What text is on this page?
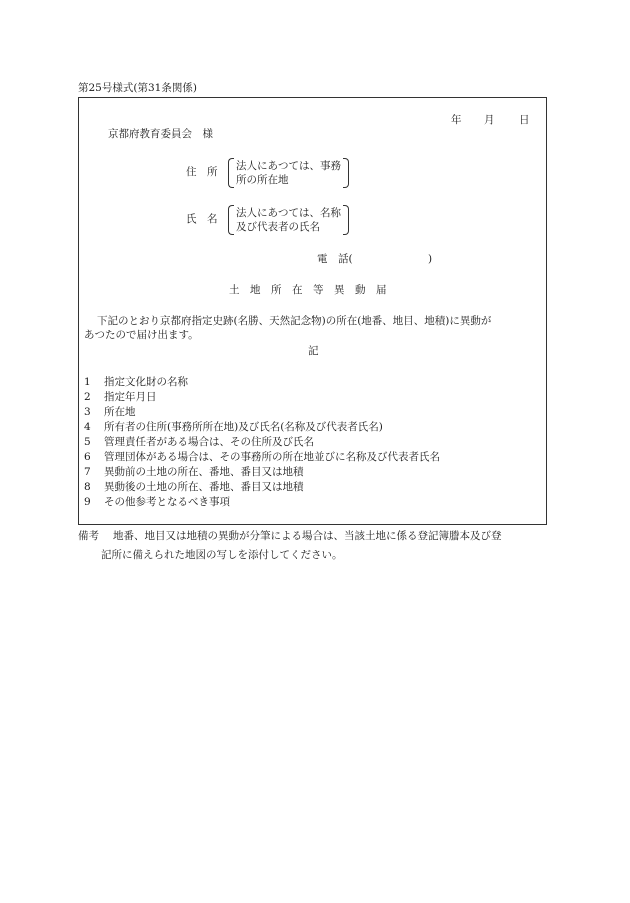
第25号様式(第31条関係)
年 月 日
京都府教育委員会　様
住　所 法人にあつては、事務
所の所在地
氏　名 法人にあつては、名称
及び代表者の氏名
電　話(	)
土　地　所　在　等　異　動　届
下記のとおり京都府指定史跡(名勝、天然記念物)の所在(地番、地目、地積)に異動が
あつたので届け出ます。
記
1 指定文化財の名称
2 指定年月日
3 所在地
4 所有者の住所(事務所所在地)及び氏名(名称及び代表者氏名)
5 管理責任者がある場合は、その住所及び氏名
6 管理団体がある場合は、その事務所の所在地並びに名称及び代表者氏名
7 異動前の土地の所在、番地、番目又は地積
8 異動後の土地の所在、番地、番目又は地積
9 その他参考となるべき事項
備考 地番、地目又は地積の異動が分筆による場合は、当該土地に係る登記簿謄本及び登
記所に備えられた地図の写しを添付してください。
